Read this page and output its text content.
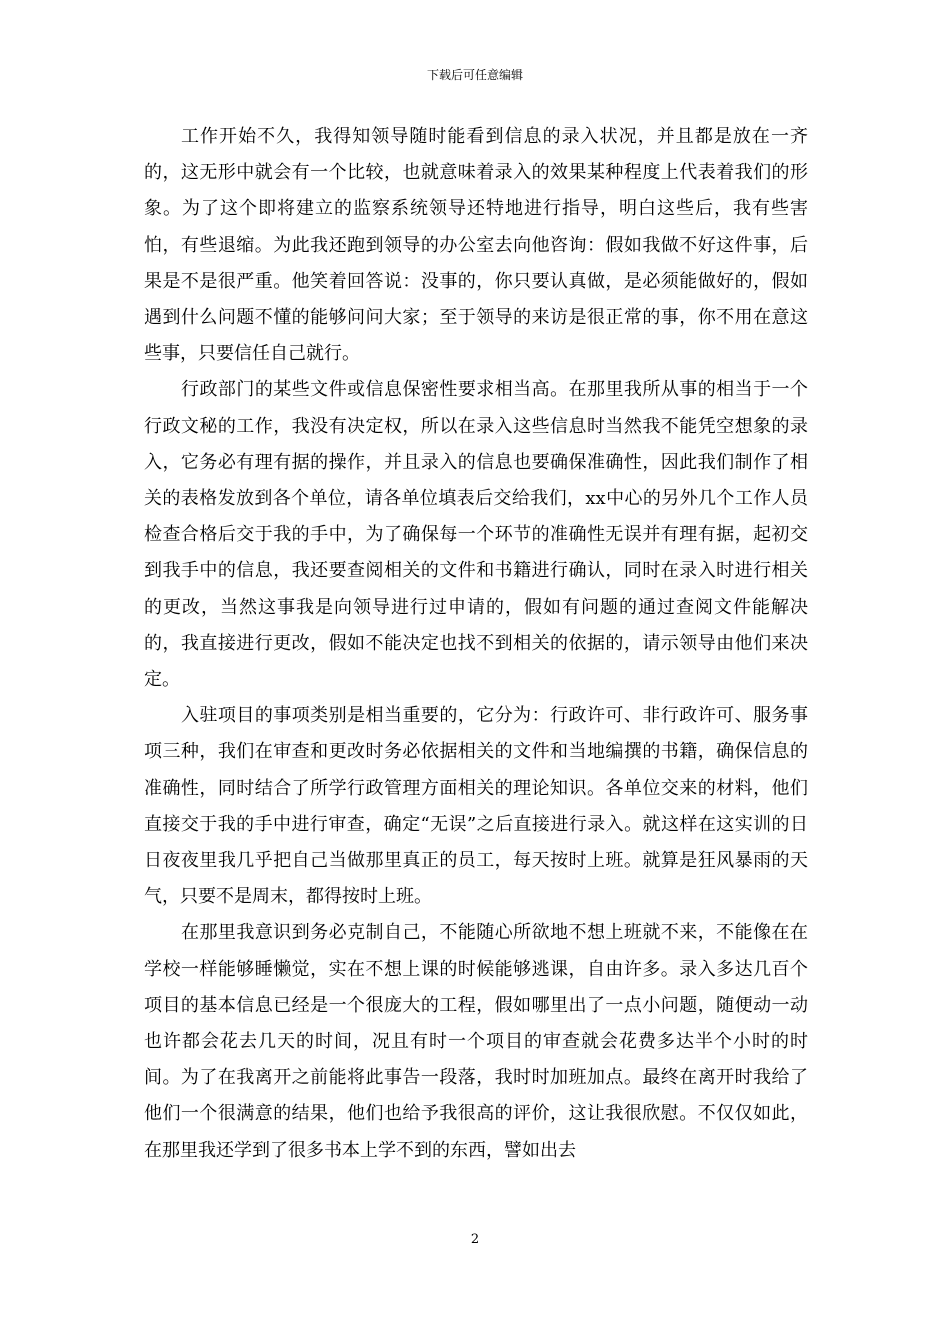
下载后可任意编辑

工作开始不久，我得知领导随时能看到信息的录入状况，并且都是放在一齐的，这无形中就会有一个比较，也就意味着录入的效果某种程度上代表着我们的形象。为了这个即将建立的监察系统领导还特地进行指导，明白这些后，我有些害怕，有些退缩。为此我还跑到领导的办公室去向他咨询：假如我做不好这件事，后果是不是很严重。他笑着回答说：没事的，你只要认真做，是必须能做好的，假如遇到什么问题不懂的能够问问大家；至于领导的来访是很正常的事，你不用在意这些事，只要信任自己就行。

行政部门的某些文件或信息保密性要求相当高。在那里我所从事的相当于一个行政文秘的工作，我没有决定权，所以在录入这些信息时当然我不能凭空想象的录入，它务必有理有据的操作，并且录入的信息也要确保准确性，因此我们制作了相关的表格发放到各个单位，请各单位填表后交给我们，xx中心的另外几个工作人员检查合格后交于我的手中，为了确保每一个环节的准确性无误并有理有据，起初交到我手中的信息，我还要查阅相关的文件和书籍进行确认，同时在录入时进行相关的更改，当然这事我是向领导进行过申请的，假如有问题的通过查阅文件能解决的，我直接进行更改，假如不能决定也找不到相关的依据的，请示领导由他们来决定。

入驻项目的事项类别是相当重要的，它分为：行政许可、非行政许可、服务事项三种，我们在审查和更改时务必依据相关的文件和当地编撰的书籍，确保信息的准确性，同时结合了所学行政管理方面相关的理论知识。各单位交来的材料，他们直接交于我的手中进行审查，确定“无误”之后直接进行录入。就这样在这实训的日日夜夜里我几乎把自己当做那里真正的员工，每天按时上班。就算是狂风暴雨的天气，只要不是周末，都得按时上班。

在那里我意识到务必克制自己，不能随心所欲地不想上班就不来，不能像在在学校一样能够睡懒觉，实在不想上课的时候能够逃课，自由许多。录入多达几百个项目的基本信息已经是一个很庞大的工程，假如哪里出了一点小问题，随便动一动也许都会花去几天的时间，况且有时一个项目的审查就会花费多达半个小时的时间。为了在我离开之前能将此事告一段落，我时时加班加点。最终在离开时我给了他们一个很满意的结果，他们也给予我很高的评价，这让我很欣慰。不仅仅如此，在那里我还学到了很多书本上学不到的东西，譬如出去

2
